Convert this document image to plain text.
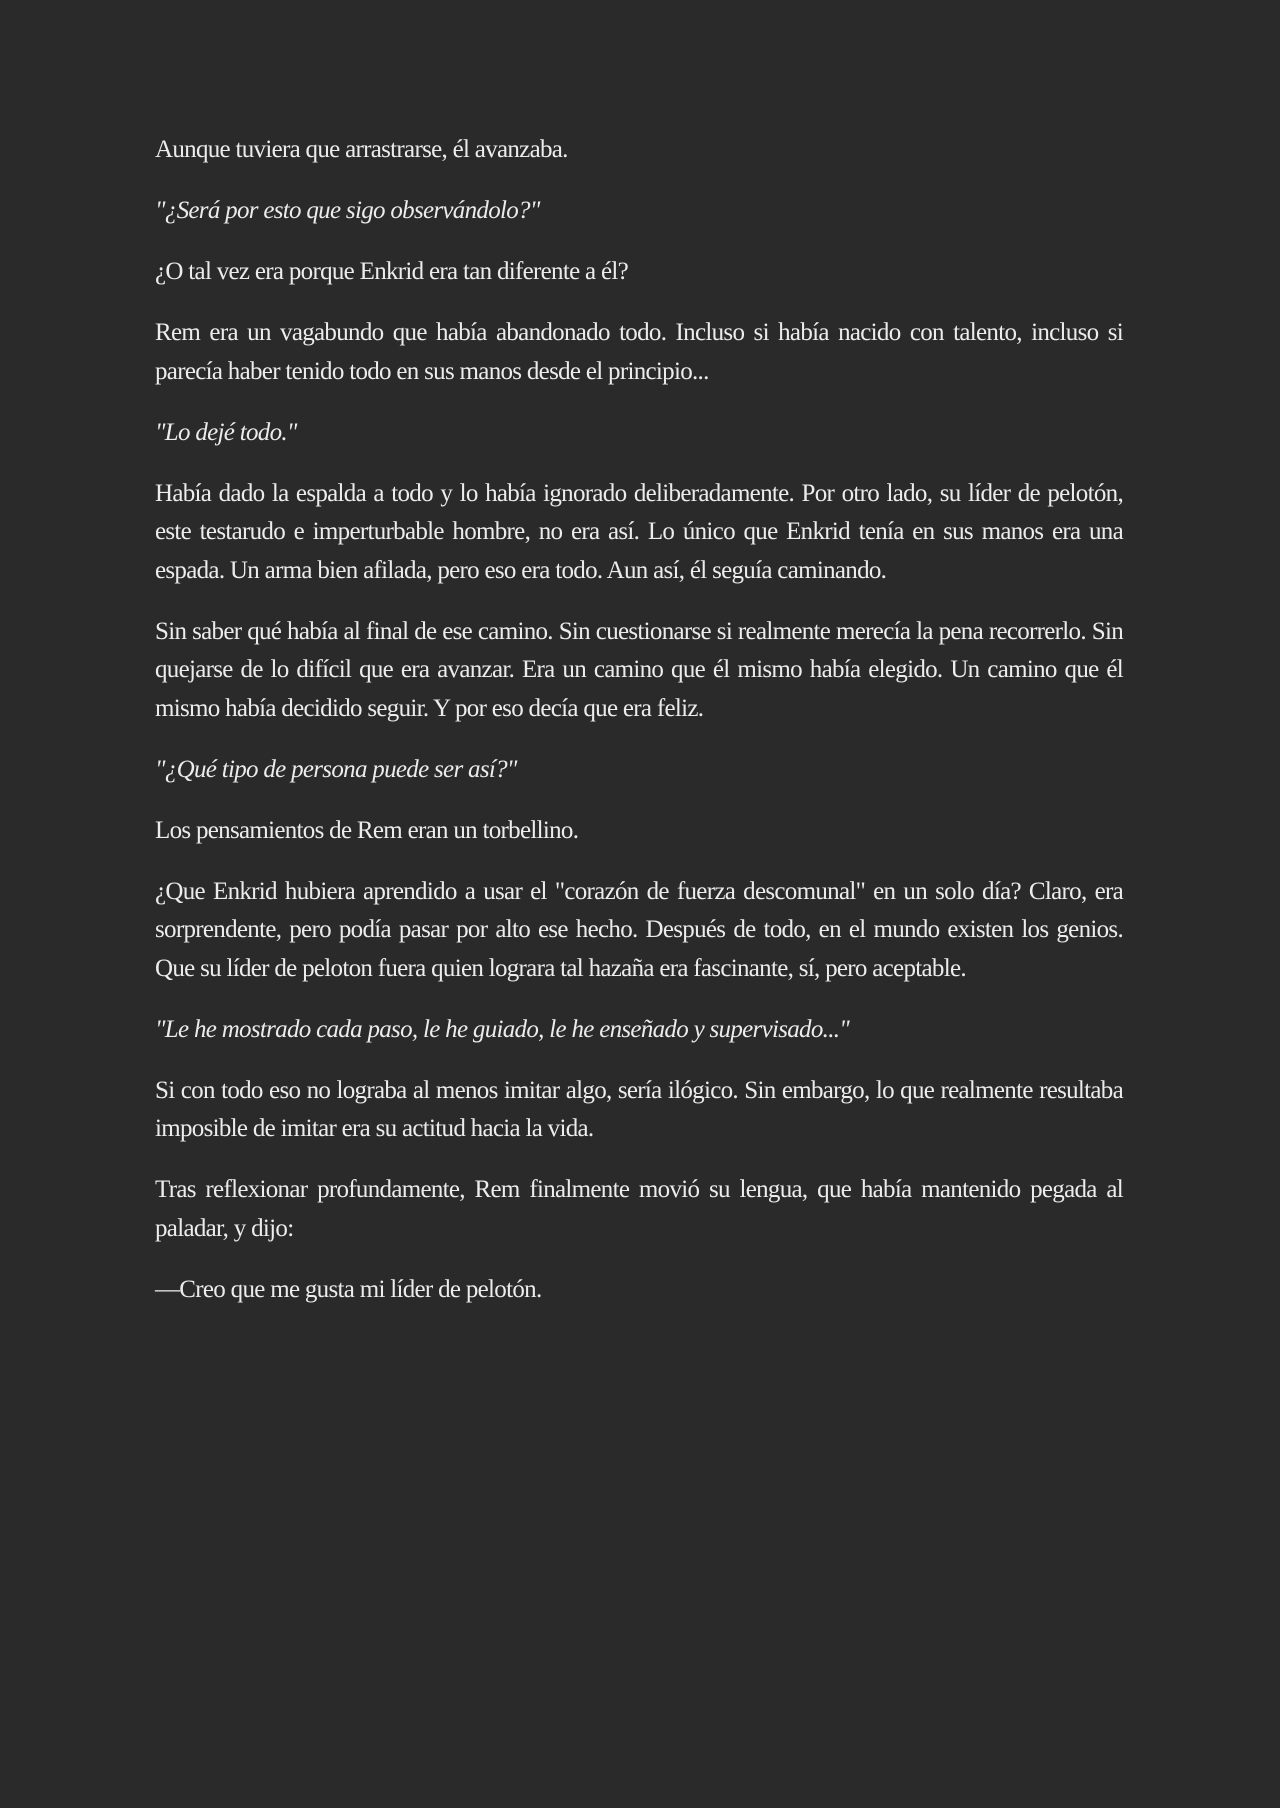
Aunque tuviera que arrastrarse, él avanzaba.

"¿Será por esto que sigo observándolo?"

¿O tal vez era porque Enkrid era tan diferente a él?

Rem era un vagabundo que había abandonado todo. Incluso si había nacido con talento, incluso si parecía haber tenido todo en sus manos desde el principio...

"Lo dejé todo."

Había dado la espalda a todo y lo había ignorado deliberadamente. Por otro lado, su líder de pelotón, este testarudo e imperturbable hombre, no era así. Lo único que Enkrid tenía en sus manos era una espada. Un arma bien afilada, pero eso era todo. Aun así, él seguía caminando.

Sin saber qué había al final de ese camino. Sin cuestionarse si realmente merecía la pena recorrerlo. Sin quejarse de lo difícil que era avanzar. Era un camino que él mismo había elegido. Un camino que él mismo había decidido seguir. Y por eso decía que era feliz.

"¿Qué tipo de persona puede ser así?"

Los pensamientos de Rem eran un torbellino.

¿Que Enkrid hubiera aprendido a usar el "corazón de fuerza descomunal" en un solo día? Claro, era sorprendente, pero podía pasar por alto ese hecho. Después de todo, en el mundo existen los genios. Que su líder de peloton fuera quien lograra tal hazaña era fascinante, sí, pero aceptable.

"Le he mostrado cada paso, le he guiado, le he enseñado y supervisado..."

Si con todo eso no lograba al menos imitar algo, sería ilógico. Sin embargo, lo que realmente resultaba imposible de imitar era su actitud hacia la vida.

Tras reflexionar profundamente, Rem finalmente movió su lengua, que había mantenido pegada al paladar, y dijo:

—Creo que me gusta mi líder de pelotón.
